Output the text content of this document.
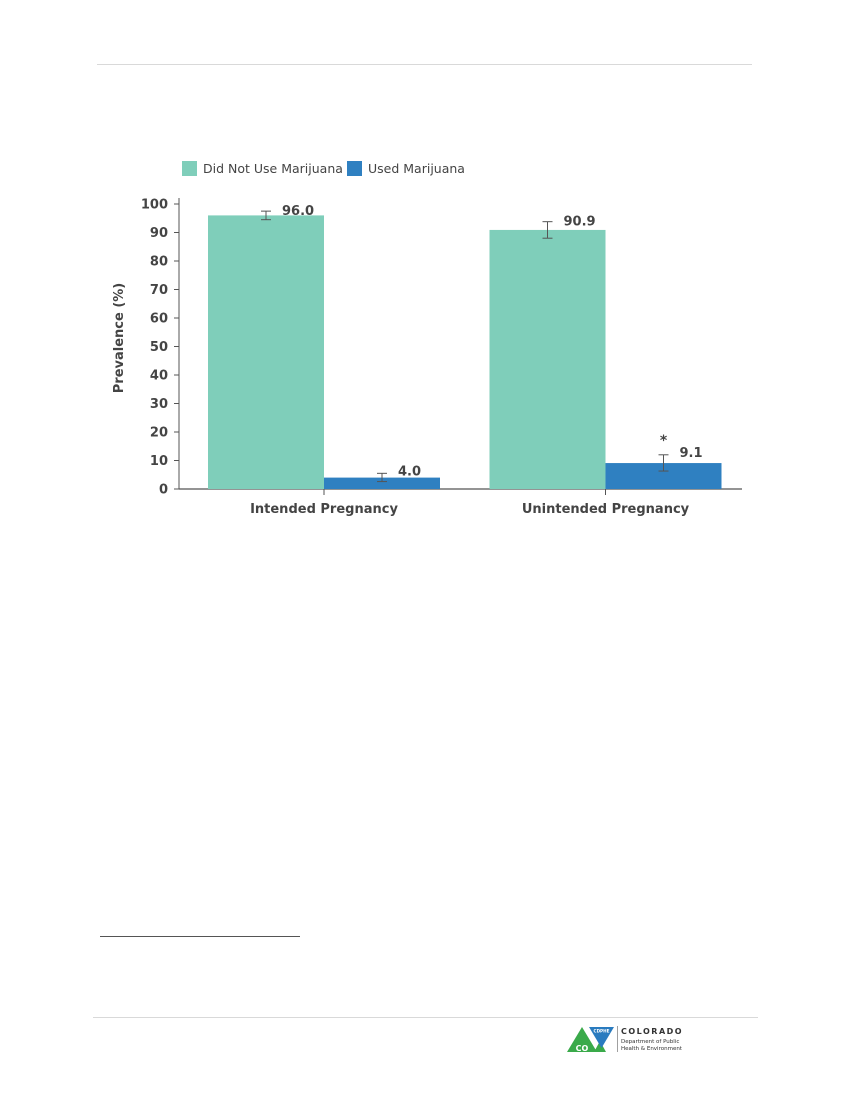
Did Not Use Marijuana Used Marijuana
0
10
20
30
40
50
60
70
80
90
100
Prevalence (%)
Intended Pregnancy
96.0
4.0
Unintended Pregnancy
90.9
9.1
*
CO
CDPHE COLORADO
Department of Public
Health & Environment
